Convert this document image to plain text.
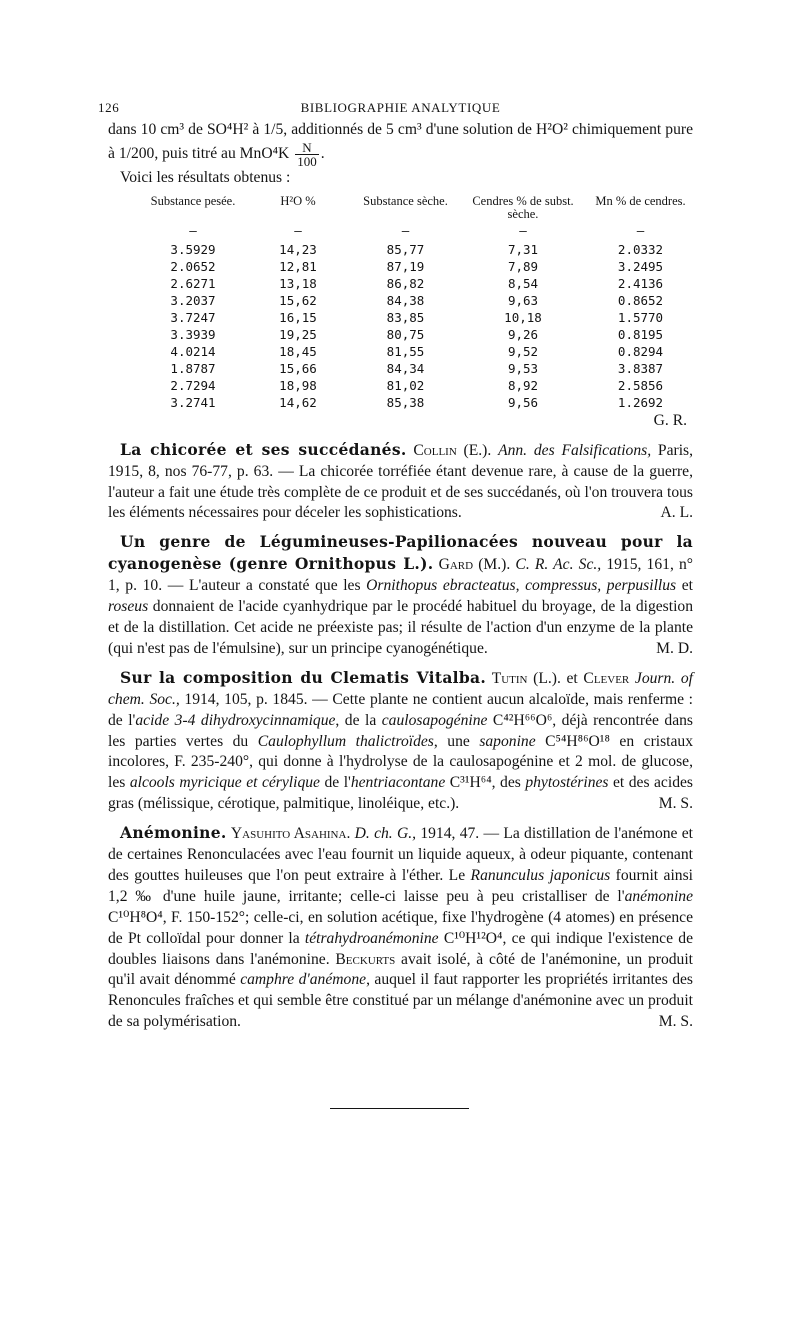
126	BIBLIOGRAPHIE ANALYTIQUE

dans 10 cm³ de SO⁴H² à 1/5, additionnés de 5 cm³ d'une solution de H²O² chimiquement pure à 1/200, puis titré au $MnO^4K \frac{N}{100}$ .

Voici les résultats obtenus :

Substance pesée.	H²O %	Substance sèche.	Cendres % de subst. sèche.	Mn % de cendres.
—	—	—	—	—
3.5929	14,23	85,77	7,31	2.0332
2.0652	12,81	87,19	7,89	3.2495
2.6271	13,18	86,82	8,54	2.4136
3.2037	15,62	84,38	9,63	0.8652
3.7247	16,15	83,85	10,18	1.5770
3.3939	19,25	80,75	9,26	0.8195
4.0214	18,45	81,55	9,52	0.8294
1.8787	15,66	84,34	9,53	3.8387
2.7294	18,98	81,02	8,92	2.5856
3.2741	14,62	85,38	9,56	1.2692
G. R.

La chicorée et ses succédanés. Collin (E.). Ann. des Falsifications, Paris, 1915, 8, nos 76-77, p. 63. — La chicorée torréfiée étant devenue rare, à cause de la guerre, l'auteur a fait une étude très complète de ce produit et de ses succédanés, où l'on trouvera tous les éléments nécessaires pour déceler les sophistications.	A. L.

Un genre de Légumineuses-Papilionacées nouveau pour la cyanogenèse (genre Ornithopus L.). Gard (M.). C. R. Ac. Sc., 1915, 161, n° 1, p. 10. — L'auteur a constaté que les Ornithopus ebracteatus, compressus, perpusillus et roseus donnaient de l'acide cyanhydrique par le procédé habituel du broyage, de la digestion et de la distillation. Cet acide ne préexiste pas; il résulte de l'action d'un enzyme de la plante (qui n'est pas de l'émulsine), sur un principe cyanogénétique.	M. D.

Sur la composition du Clematis Vitalba. Tutin (L.). et Clever Journ. of chem. Soc., 1914, 105, p. 1845. — Cette plante ne contient aucun alcaloïde, mais renferme : de l'acide 3-4 dihydroxycinnamique, de la caulosapogénine C⁴²H⁶⁶O⁶, déjà rencontrée dans les parties vertes du Caulophyllum thalictroïdes, une saponine C⁵⁴H⁸⁶O¹⁸ en cristaux incolores, F. 235-240°, qui donne à l'hydrolyse de la caulosapogénine et 2 mol. de glucose, les alcools myricique et cérylique de l'hentriacontane C³¹H⁶⁴, des phytostérines et des acides gras (mélissique, cérotique, palmitique, linoléique, etc.).	M. S.

Anémonine. Yasuhito Asahina. D. ch. G., 1914, 47. — La distillation de l'anémone et de certaines Renonculacées avec l'eau fournit un liquide aqueux, à odeur piquante, contenant des gouttes huileuses que l'on peut extraire à l'éther. Le Ranunculus japonicus fournit ainsi 1,2 ‰ d'une huile jaune, irritante; celle-ci laisse peu à peu cristalliser de l'anémonine C¹⁰H⁸O⁴, F. 150-152°; celle-ci, en solution acétique, fixe l'hydrogène (4 atomes) en présence de Pt colloïdal pour donner la tétrahydroanémonine C¹⁰H¹²O⁴, ce qui indique l'existence de doubles liaisons dans l'anémonine. Beckurts avait isolé, à côté de l'anémonine, un produit qu'il avait dénommé camphre d'anémone, auquel il faut rapporter les propriétés irritantes des Renoncules fraîches et qui semble être constitué par un mélange d'anémonine avec un produit de sa polymérisation.	M. S.
